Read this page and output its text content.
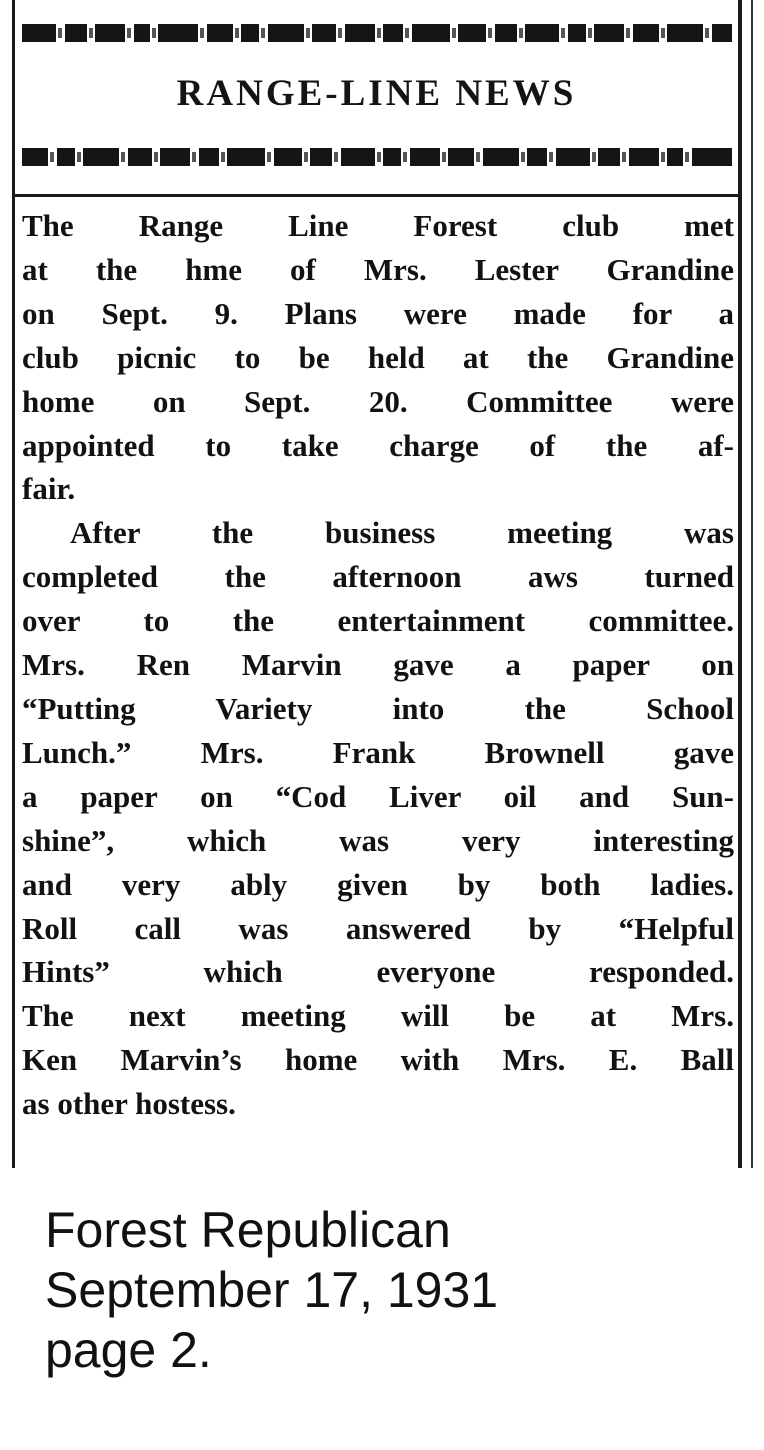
RANGE-LINE NEWS
The Range Line Forest club met
at the hme of Mrs. Lester Grandine
on Sept. 9. Plans were made for a
club picnic to be held at the Grandine
home on Sept. 20. Committee were
appointed to take charge of the af-
fair.
After the business meeting was
completed the afternoon aws turned
over to the entertainment committee.
Mrs. Ren Marvin gave a paper on
“Putting Variety into the School
Lunch.” Mrs. Frank Brownell gave
a paper on “Cod Liver oil and Sun-
shine”, which was very interesting
and very ably given by both ladies.
Roll call was answered by “Helpful
Hints” which everyone responded.
The next meeting will be at Mrs.
Ken Marvin’s home with Mrs. E. Ball
as other hostess.
Forest Republican
September 17, 1931
page 2.
